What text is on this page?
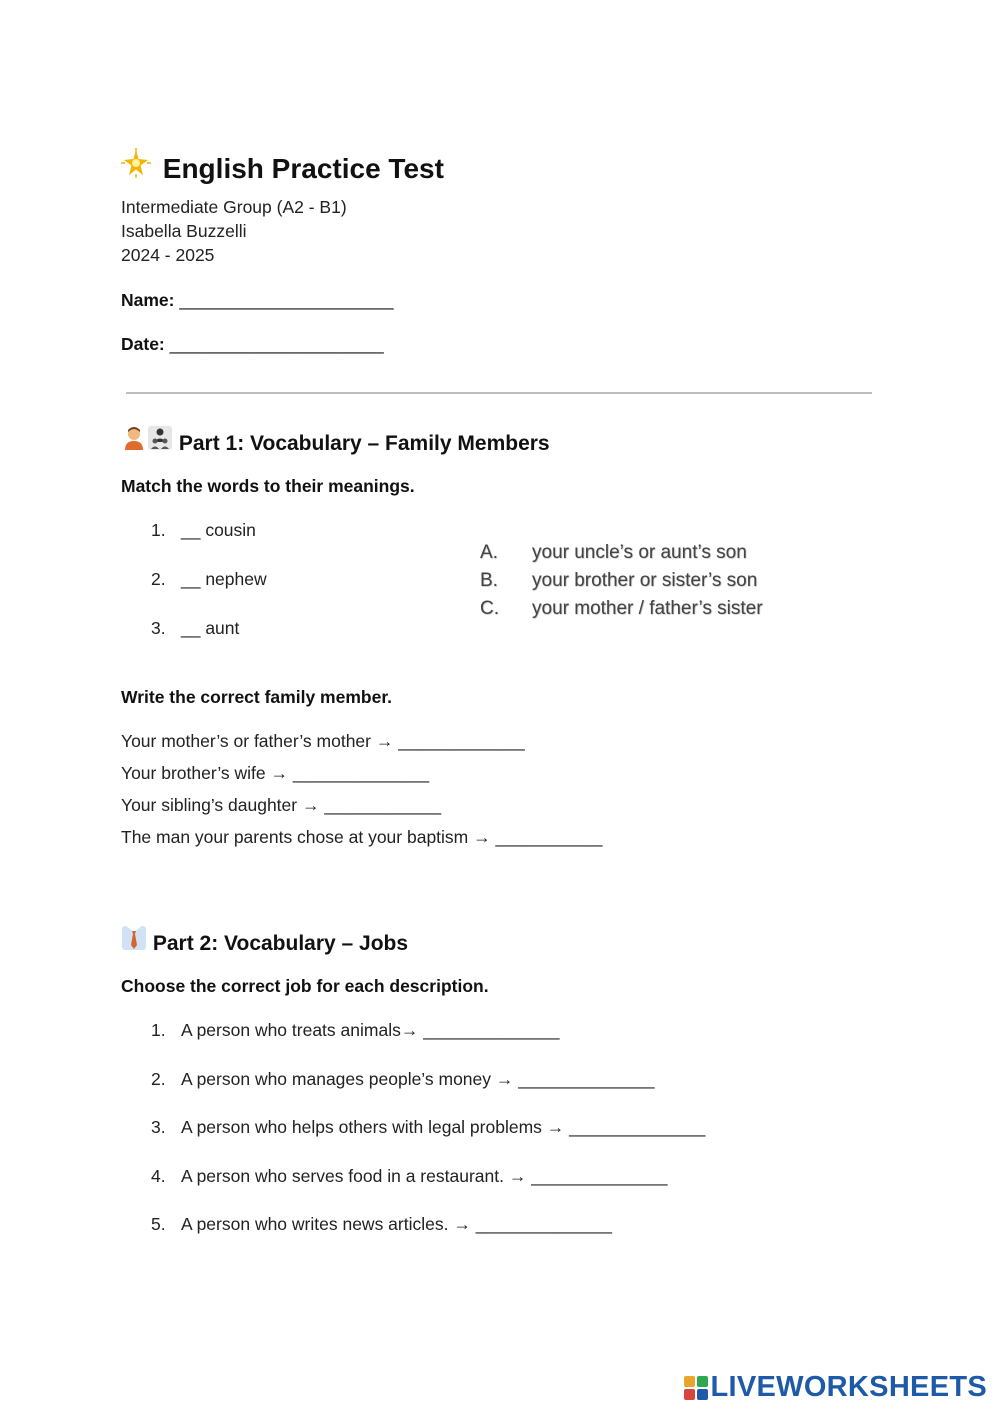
English Practice Test
Intermediate Group (A2 - B1)
Isabella Buzzelli
2024 - 2025
Name: ______________________
Date: ______________________
Part 1: Vocabulary – Family Members
Match the words to their meanings.
1. __ cousin
2. __ nephew
3. __ aunt
A. your uncle’s or aunt’s son
B. your brother or sister’s son
C. your mother / father’s sister
Write the correct family member.
Your mother’s or father’s mother → _____________
Your brother’s wife → ______________
Your sibling’s daughter → ____________
The man your parents chose at your baptism → ___________
Part 2: Vocabulary – Jobs
Choose the correct job for each description.
1. A person who treats animals→ ______________
2. A person who manages people’s money → ______________
3. A person who helps others with legal problems → ______________
4. A person who serves food in a restaurant. → ______________
5. A person who writes news articles. → ______________
LIVEWORKSHEETS
